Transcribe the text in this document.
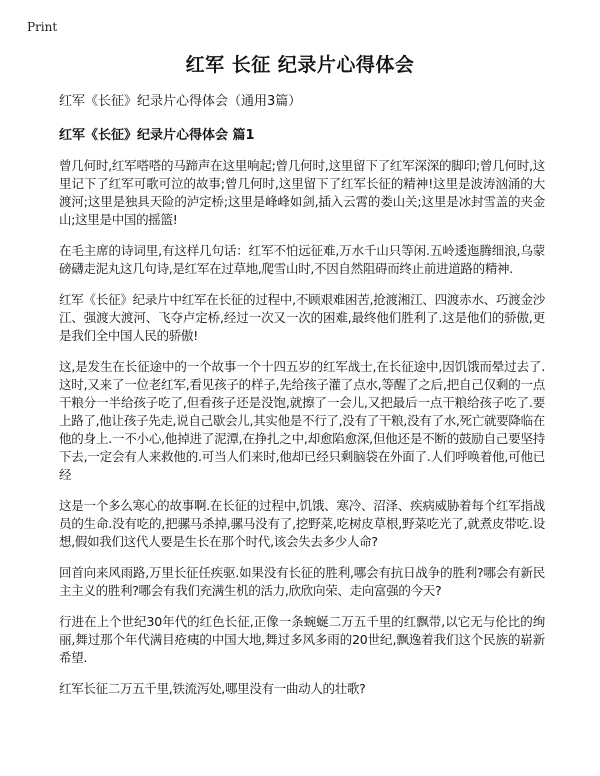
Print
红军 长征 纪录片心得体会

红军《长征》纪录片心得体会（通用3篇）

红军《长征》纪录片心得体会 篇1

曾几何时,红军嗒嗒的马蹄声在这里响起;曾几何时,这里留下了红军深深的脚印;曾几何时,这里记下了红军可歌可泣的故事;曾几何时,这里留下了红军长征的精神!这里是波涛汹涌的大渡河;这里是独具天险的泸定桥;这里是峰峰如剑,插入云霄的娄山关;这里是冰封雪盖的夹金山;这里是中国的摇篮!

在毛主席的诗词里,有这样几句话：红军不怕远征难,万水千山只等闲.五岭逶迤腾细浪,乌蒙磅礴走泥丸这几句诗,是红军在过草地,爬雪山时,不因自然阻碍而终止前进道路的精神.

红军《长征》纪录片中红军在长征的过程中,不顾艰难困苦,抢渡湘江、四渡赤水、巧渡金沙江、强渡大渡河、飞夺卢定桥,经过一次又一次的困难,最终他们胜利了.这是他们的骄傲,更是我们全中国人民的骄傲!

这,是发生在长征途中的一个故事一个十四五岁的红军战士,在长征途中,因饥饿而晕过去了.这时,又来了一位老红军,看见孩子的样子,先给孩子灌了点水,等醒了之后,把自己仅剩的一点干粮分一半给孩子吃了,但看孩子还是没饱,就擦了一会儿,又把最后一点干粮给孩子吃了.要上路了,他让孩子先走,说自己歇会儿,其实他是不行了,没有了干粮,没有了水,死亡就要降临在他的身上.一不小心,他掉进了泥潭,在挣扎之中,却愈陷愈深,但他还是不断的鼓励自己要坚持下去,一定会有人来救他的.可当人们来时,他却已经只剩脑袋在外面了.人们呼唤着他,可他已经

这是一个多么寒心的故事啊.在长征的过程中,饥饿、寒冷、沼泽、疾病威胁着每个红军指战员的生命.没有吃的,把骡马杀掉,骡马没有了,挖野菜,吃树皮草根,野菜吃光了,就煮皮带吃.设想,假如我们这代人要是生长在那个时代,该会失去多少人命?

回首向来风雨路,万里长征任疾驱.如果没有长征的胜利,哪会有抗日战争的胜利?哪会有新民主主义的胜利?哪会有我们充满生机的活力,欣欣向荣、走向富强的今天?

行进在上个世纪30年代的红色长征,正像一条蜿蜒二万五千里的红飘带,以它无与伦比的绚丽,舞过那个年代满目疮痍的中国大地,舞过多风多雨的20世纪,飘逸着我们这个民族的崭新希望.

红军长征二万五千里,铁流泻处,哪里没有一曲动人的壮歌?
